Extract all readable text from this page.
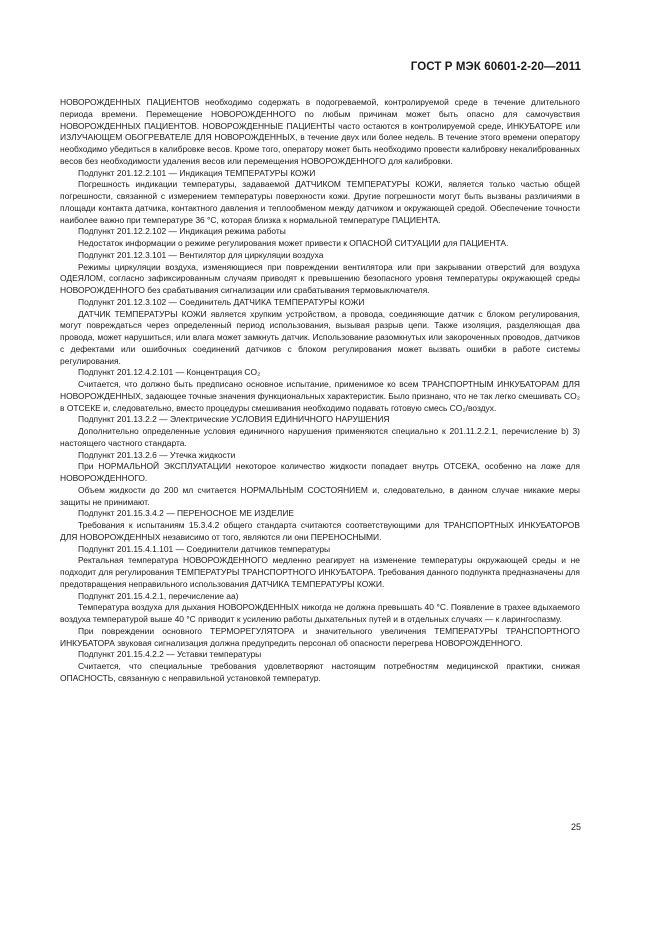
ГОСТ Р МЭК 60601-2-20—2011

НОВОРОЖДЕННЫХ ПАЦИЕНТОВ необходимо содержать в подогреваемой, контролируемой среде в течение длительного периода времени. Перемещение НОВОРОЖДЕННОГО по любым причинам может быть опасно для самочувствия НОВОРОЖДЕННЫХ ПАЦИЕНТОВ. НОВОРОЖДЕННЫЕ ПАЦИЕНТЫ часто остаются в контролируемой среде, ИНКУБАТОРЕ или ИЗЛУЧАЮЩЕМ ОБОГРЕВАТЕЛЕ ДЛЯ НОВОРОЖДЕННЫХ, в течение двух или более недель. В течение этого времени оператору необходимо убедиться в калибровке весов. Кроме того, оператору может быть необходимо провести калибровку некалиброванных весов без необходимости удаления весов или перемещения НОВОРОЖДЕННОГО для калибровки.

Подпункт 201.12.2.101 — Индикация ТЕМПЕРАТУРЫ КОЖИ

Погрешность индикации температуры, задаваемой ДАТЧИКОМ ТЕМПЕРАТУРЫ КОЖИ, является только частью общей погрешности, связанной с измерением температуры поверхности кожи. Другие погрешности могут быть вызваны различиями в площади контакта датчика, контактного давления и теплообменом между датчиком и окружающей средой. Обеспечение точности наиболее важно при температуре 36 °С, которая близка к нормальной температуре ПАЦИЕНТА.

Подпункт 201.12.2.102 — Индикация режима работы

Недостаток информации о режиме регулирования может привести к ОПАСНОЙ СИТУАЦИИ для ПАЦИЕНТА.

Подпункт 201.12.3.101 — Вентилятор для циркуляции воздуха

Режимы циркуляции воздуха, изменяющиеся при повреждении вентилятора или при закрывании отверстий для воздуха ОДЕЯЛОМ, согласно зафиксированным случаям приводят к превышению безопасного уровня температуры окружающей среды НОВОРОЖДЕННОГО без срабатывания сигнализации или срабатывания термовыключателя.

Подпункт 201.12.3.102 — Соединитель ДАТЧИКА ТЕМПЕРАТУРЫ КОЖИ

ДАТЧИК ТЕМПЕРАТУРЫ КОЖИ является хрупким устройством, а провода, соединяющие датчик с блоком регулирования, могут повреждаться через определенный период использования, вызывая разрыв цепи. Также изоляция, разделяющая два провода, может нарушиться, или влага может замкнуть датчик. Использование разомкнутых или закороченных проводов, датчиков с дефектами или ошибочных соединений датчиков с блоком регулирования может вызвать ошибки в работе системы регулирования.

Подпункт 201.12.4.2.101 — Концентрация CO₂

Считается, что должно быть предписано основное испытание, применимое ко всем ТРАНСПОРТНЫМ ИНКУБАТОРАМ ДЛЯ НОВОРОЖДЕННЫХ, задающее точные значения функциональных характеристик. Было признано, что не так легко смешивать CO₂ в ОТСЕКЕ и, следовательно, вместо процедуры смешивания необходимо подавать готовую смесь CO₂/воздух.

Подпункт 201.13.2.2 — Электрические УСЛОВИЯ ЕДИНИЧНОГО НАРУШЕНИЯ

Дополнительно определенные условия единичного нарушения применяются специально к 201.11.2.2.1, перечисление b) 3) настоящего частного стандарта.

Подпункт 201.13.2.6 — Утечка жидкости

При НОРМАЛЬНОЙ ЭКСПЛУАТАЦИИ некоторое количество жидкости попадает внутрь ОТСЕКА, особенно на ложе для НОВОРОЖДЕННОГО.

Объем жидкости до 200 мл считается НОРМАЛЬНЫМ СОСТОЯНИЕМ и, следовательно, в данном случае никакие меры защиты не принимают.

Подпункт 201.15.3.4.2 — ПЕРЕНОСНОЕ МЕ ИЗДЕЛИЕ

Требования к испытаниям 15.3.4.2 общего стандарта считаются соответствующими для ТРАНСПОРТНЫХ ИНКУБАТОРОВ ДЛЯ НОВОРОЖДЕННЫХ независимо от того, являются ли они ПЕРЕНОСНЫМИ.

Подпункт 201.15.4.1.101 — Соединители датчиков температуры

Ректальная температура НОВОРОЖДЕННОГО медленно реагирует на изменение температуры окружающей среды и не подходит для регулирования ТЕМПЕРАТУРЫ ТРАНСПОРТНОГО ИНКУБАТОРА. Требования данного подпункта предназначены для предотвращения неправильного использования ДАТЧИКА ТЕМПЕРАТУРЫ КОЖИ.

Подпункт 201.15.4.2.1, перечисление аа)

Температура воздуха для дыхания НОВОРОЖДЕННЫХ никогда не должна превышать 40 °С. Появление в трахее вдыхаемого воздуха температурой выше 40 °С приводит к усилению работы дыхательных путей и в отдельных случаях — к ларингоспазму.

При повреждении основного ТЕРМОРЕГУЛЯТОРА и значительного увеличения ТЕМПЕРАТУРЫ ТРАНСПОРТНОГО ИНКУБАТОРА звуковая сигнализация должна предупредить персонал об опасности перегрева НОВОРОЖДЕННОГО.

Подпункт 201.15.4.2.2 — Уставки температуры

Считается, что специальные требования удовлетворяют настоящим потребностям медицинской практики, снижая ОПАСНОСТЬ, связанную с неправильной установкой температур.

25
